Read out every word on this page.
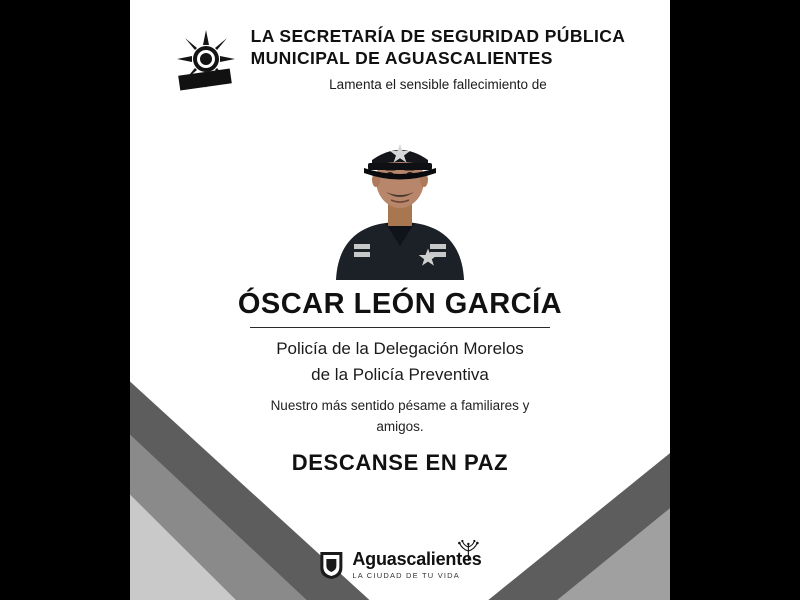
LA SECRETARÍA DE SEGURIDAD PÚBLICA
MUNICIPAL DE AGUASCALIENTES
Lamenta el sensible fallecimiento de
ÓSCAR LEÓN GARCÍA
Policía de la Delegación Morelos
de la Policía Preventiva
Nuestro más sentido pésame a familiares y
amigos.
DESCANSE EN PAZ
Aguascalientes
LA CIUDAD DE TU VIDA
